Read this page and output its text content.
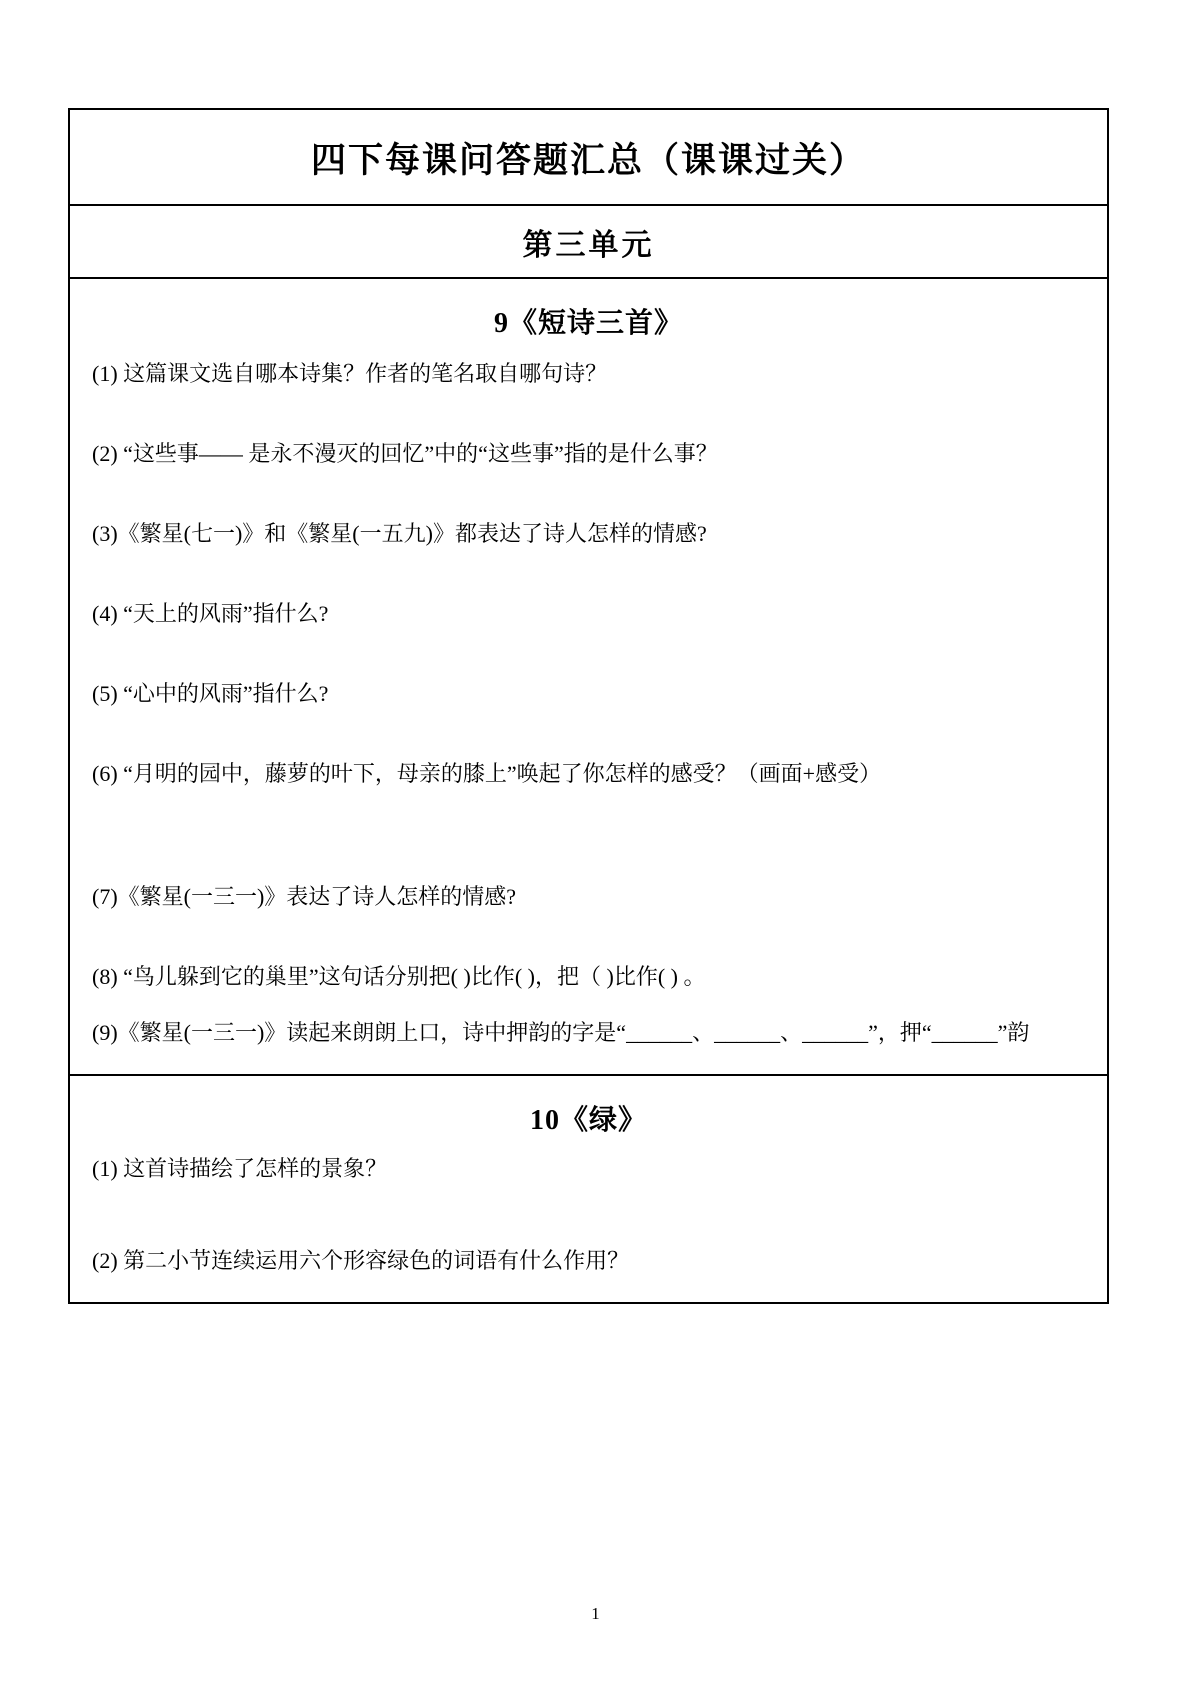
四下每课问答题汇总（课课过关）
第三单元
9《短诗三首》

(1) 这篇课文选自哪本诗集？作者的笔名取自哪句诗？

(2) “这些事—— 是永不漫灭的回忆”中的“这些事”指的是什么事？

(3)《繁星(七一)》和《繁星(一五九)》都表达了诗人怎样的情感?

(4) “天上的风雨”指什么?

(5) “心中的风雨”指什么?

(6) “月明的园中，藤萝的叶下，母亲的膝上”唤起了你怎样的感受？（画面+感受）

(7)《繁星(一三一)》表达了诗人怎样的情感?

(8) “鸟儿躲到它的巢里”这句话分别把( )比作( )，把（ )比作( ) 。

(9)《繁星(一三一)》读起来朗朗上口，诗中押韵的字是“______、______、______”，押“______”韵

10《绿》

(1) 这首诗描绘了怎样的景象？

(2) 第二小节连续运用六个形容绿色的词语有什么作用？

1
